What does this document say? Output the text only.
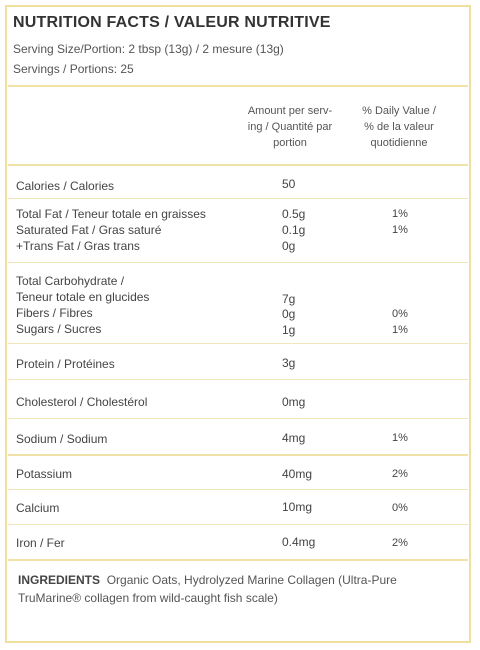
NUTRITION FACTS / VALEUR NUTRITIVE
Serving Size/Portion: 2 tbsp (13g) / 2 mesure (13g)
Servings / Portions: 25
Amount per serv-
ing / Quantité par
portion
% Daily Value /
% de la valeur
quotidienne
Calories / Calories	50
Total Fat / Teneur totale en graisses	0.5g	1%
Saturated Fat / Gras saturé	0.1g	1%
+Trans Fat / Gras trans	0g
Total Carbohydrate /
Teneur totale en glucides	7g
Fibers / Fibres	0g	0%
Sugars / Sucres	1g	1%
Protein / Protéines	3g
Cholesterol / Cholestérol	0mg
Sodium / Sodium	4mg	1%
Potassium	40mg	2%
Calcium	10mg	0%
Iron / Fer	0.4mg	2%
INGREDIENTS Organic Oats, Hydrolyzed Marine Collagen (Ultra-Pure TruMarine® collagen from wild-caught fish scale)
